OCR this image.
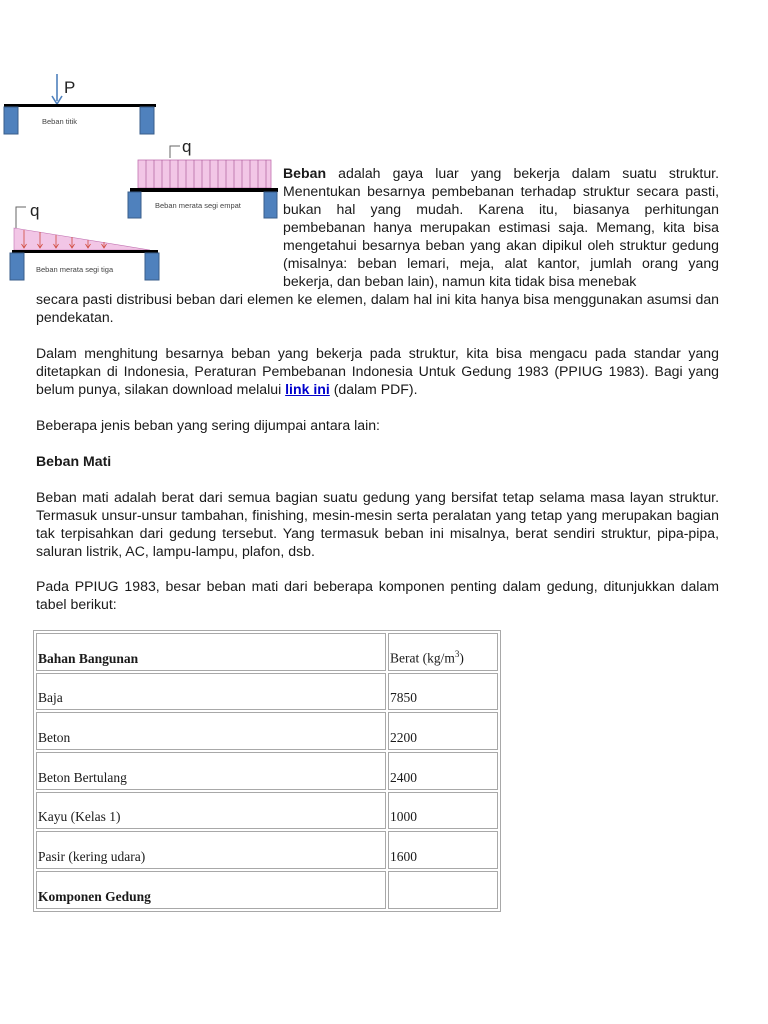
P
Beban titik
q
Beban merata segi empat
q
Beban merata segi tiga
Beban adalah gaya luar yang bekerja dalam suatu struktur. Menentukan besarnya pembebanan terhadap struktur secara pasti, bukan hal yang mudah. Karena itu, biasanya perhitungan pembebanan hanya merupakan estimasi saja. Memang, kita bisa mengetahui besarnya beban yang akan dipikul oleh struktur gedung (misalnya: beban lemari, meja, alat kantor, jumlah orang yang bekerja, dan beban lain), namun kita tidak bisa menebak
secara pasti distribusi beban dari elemen ke elemen, dalam hal ini kita hanya bisa menggunakan asumsi dan pendekatan.
Dalam menghitung besarnya beban yang bekerja pada struktur, kita bisa mengacu pada standar yang ditetapkan di Indonesia, Peraturan Pembebanan Indonesia Untuk Gedung 1983 (PPIUG 1983). Bagi yang belum punya, silakan download melalui link ini (dalam PDF).
Beberapa jenis beban yang sering dijumpai antara lain:
Beban Mati
Beban mati adalah berat dari semua bagian suatu gedung yang bersifat tetap selama masa layan struktur. Termasuk unsur-unsur tambahan, finishing, mesin-mesin serta peralatan yang tetap yang merupakan bagian tak terpisahkan dari gedung tersebut. Yang termasuk beban ini misalnya, berat sendiri struktur, pipa-pipa, saluran listrik, AC, lampu-lampu, plafon, dsb.
Pada PPIUG 1983, besar beban mati dari beberapa komponen penting dalam gedung, ditunjukkan dalam tabel berikut:
Bahan Bangunan	Berat $(kg/m^3)$
Baja	7850
Beton	2200
Beton Bertulang	2400
Kayu (Kelas 1)	1000
Pasir (kering udara)	1600
Komponen Gedung	
